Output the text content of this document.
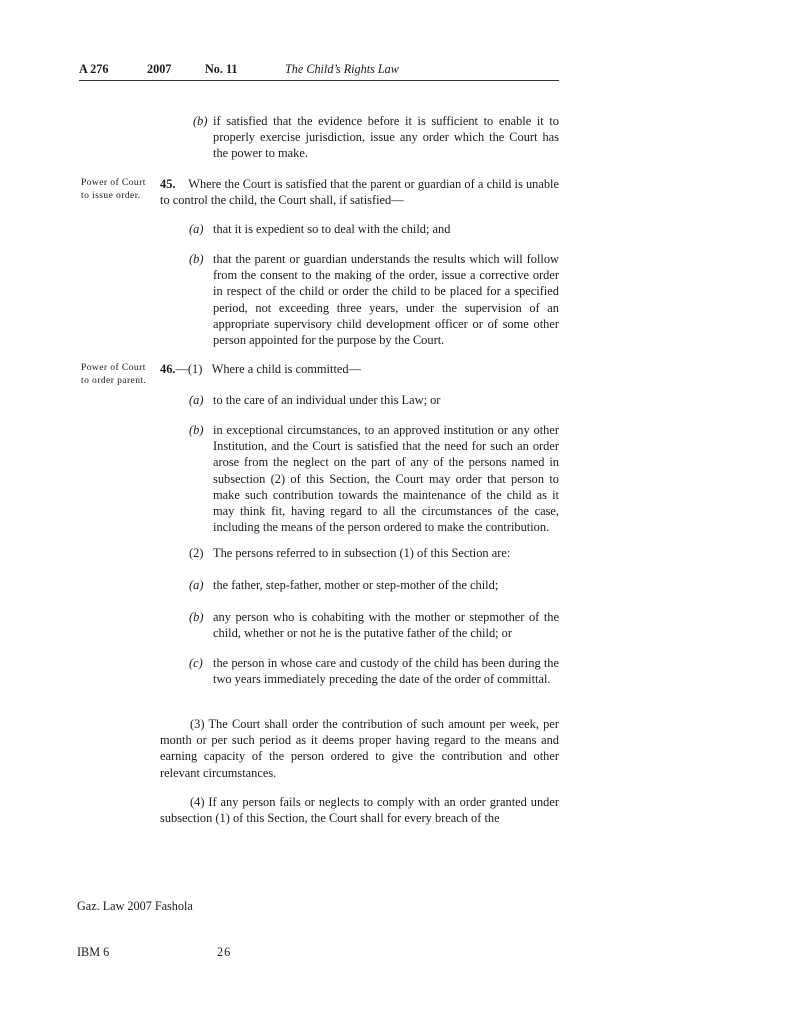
A 276	2007	No. 11	The Child’s Rights Law
(b) if satisfied that the evidence before it is sufficient to enable it to properly exercise jurisdiction, issue any order which the Court has the power to make.
Power of Court to issue order.
45. Where the Court is satisfied that the parent or guardian of a child is unable to control the child, the Court shall, if satisfied—
(a) that it is expedient so to deal with the child; and
(b) that the parent or guardian understands the results which will follow from the consent to the making of the order, issue a corrective order in respect of the child or order the child to be placed for a specified period, not exceeding three years, under the supervision of an appropriate supervisory child development officer or of some other person appointed for the purpose by the Court.
Power of Court to order parent.
46.—(1) Where a child is committed—
(a) to the care of an individual under this Law; or
(b) in exceptional circumstances, to an approved institution or any other Institution, and the Court is satisfied that the need for such an order arose from the neglect on the part of any of the persons named in subsection (2) of this Section, the Court may order that person to make such contribution towards the maintenance of the child as it may think fit, having regard to all the circumstances of the case, including the means of the person ordered to make the contribution.
(2) The persons referred to in subsection (1) of this Section are:
(a) the father, step-father, mother or step-mother of the child;
(b) any person who is cohabiting with the mother or stepmother of the child, whether or not he is the putative father of the child; or
(c) the person in whose care and custody of the child has been during the two years immediately preceding the date of the order of committal.
(3) The Court shall order the contribution of such amount per week, per month or per such period as it deems proper having regard to the means and earning capacity of the person ordered to give the contribution and other relevant circumstances.
(4) If any person fails or neglects to comply with an order granted under subsection (1) of this Section, the Court shall for every breach of the
Gaz. Law 2007 Fashola
IBM 6	26
